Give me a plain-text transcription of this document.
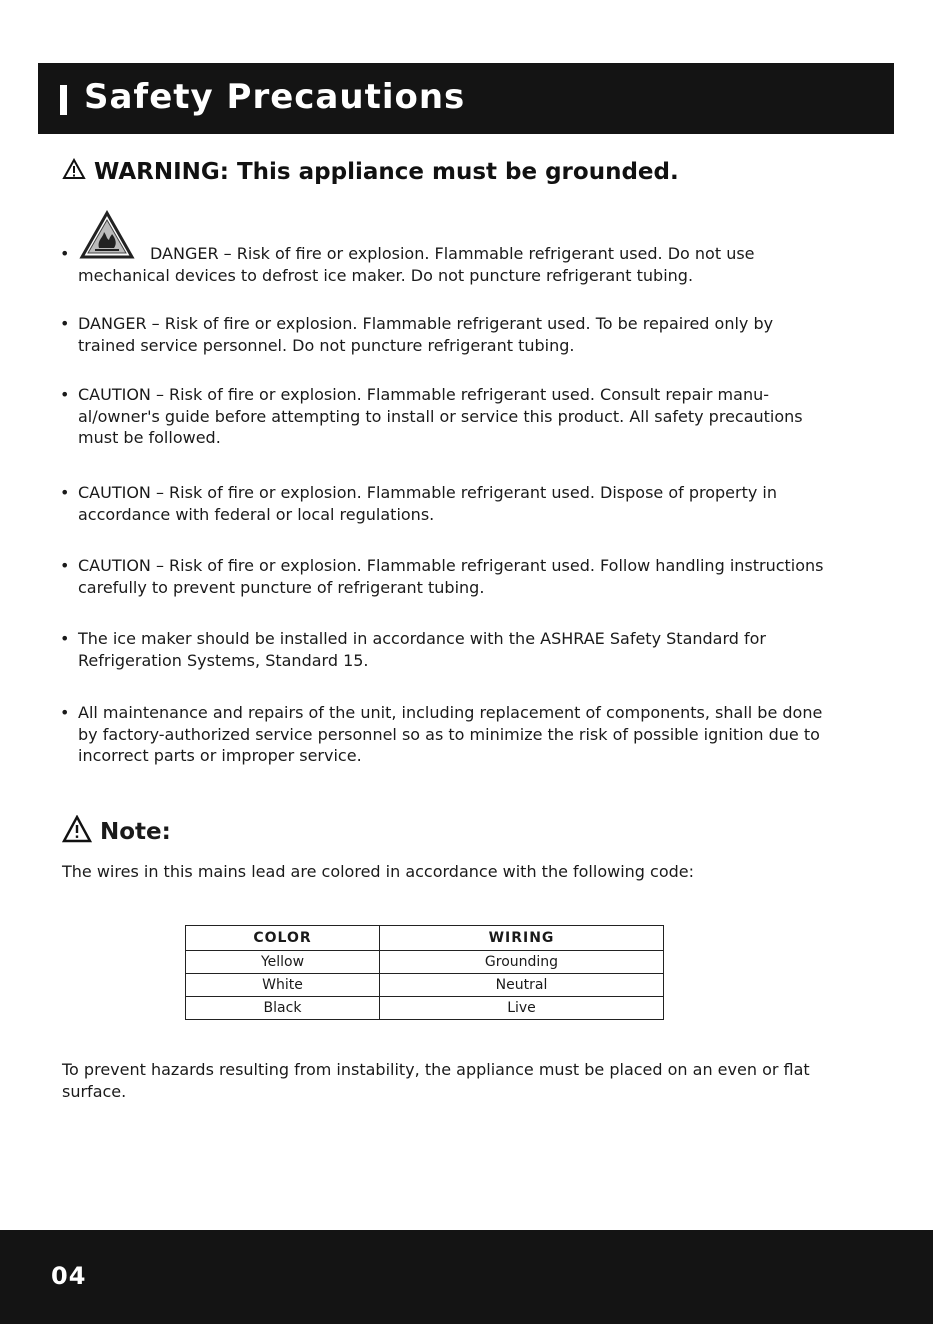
Safety Precautions
WARNING: This appliance must be grounded.
•	DANGER – Risk of fire or explosion. Flammable refrigerant used. Do not use mechanical devices to defrost ice maker. Do not puncture refrigerant tubing.
• DANGER – Risk of fire or explosion. Flammable refrigerant used. To be repaired only by trained service personnel. Do not puncture refrigerant tubing.
• CAUTION – Risk of fire or explosion. Flammable refrigerant used. Consult repair manu- al/owner's guide before attempting to install or service this product. All safety precautions must be followed.
• CAUTION – Risk of fire or explosion. Flammable refrigerant used. Dispose of property in accordance with federal or local regulations.
• CAUTION – Risk of fire or explosion. Flammable refrigerant used. Follow handling instructions carefully to prevent puncture of refrigerant tubing.
• The ice maker should be installed in accordance with the ASHRAE Safety Standard for Refrigeration Systems, Standard 15.
• All maintenance and repairs of the unit, including replacement of components, shall be done by factory-authorized service personnel so as to minimize the risk of possible ignition due to incorrect parts or improper service.
Note:
The wires in this mains lead are colored in accordance with the following code:
COLOR	WIRING
Yellow	Grounding
White	Neutral
Black	Live
To prevent hazards resulting from instability, the appliance must be placed on an even or flat surface.
04
